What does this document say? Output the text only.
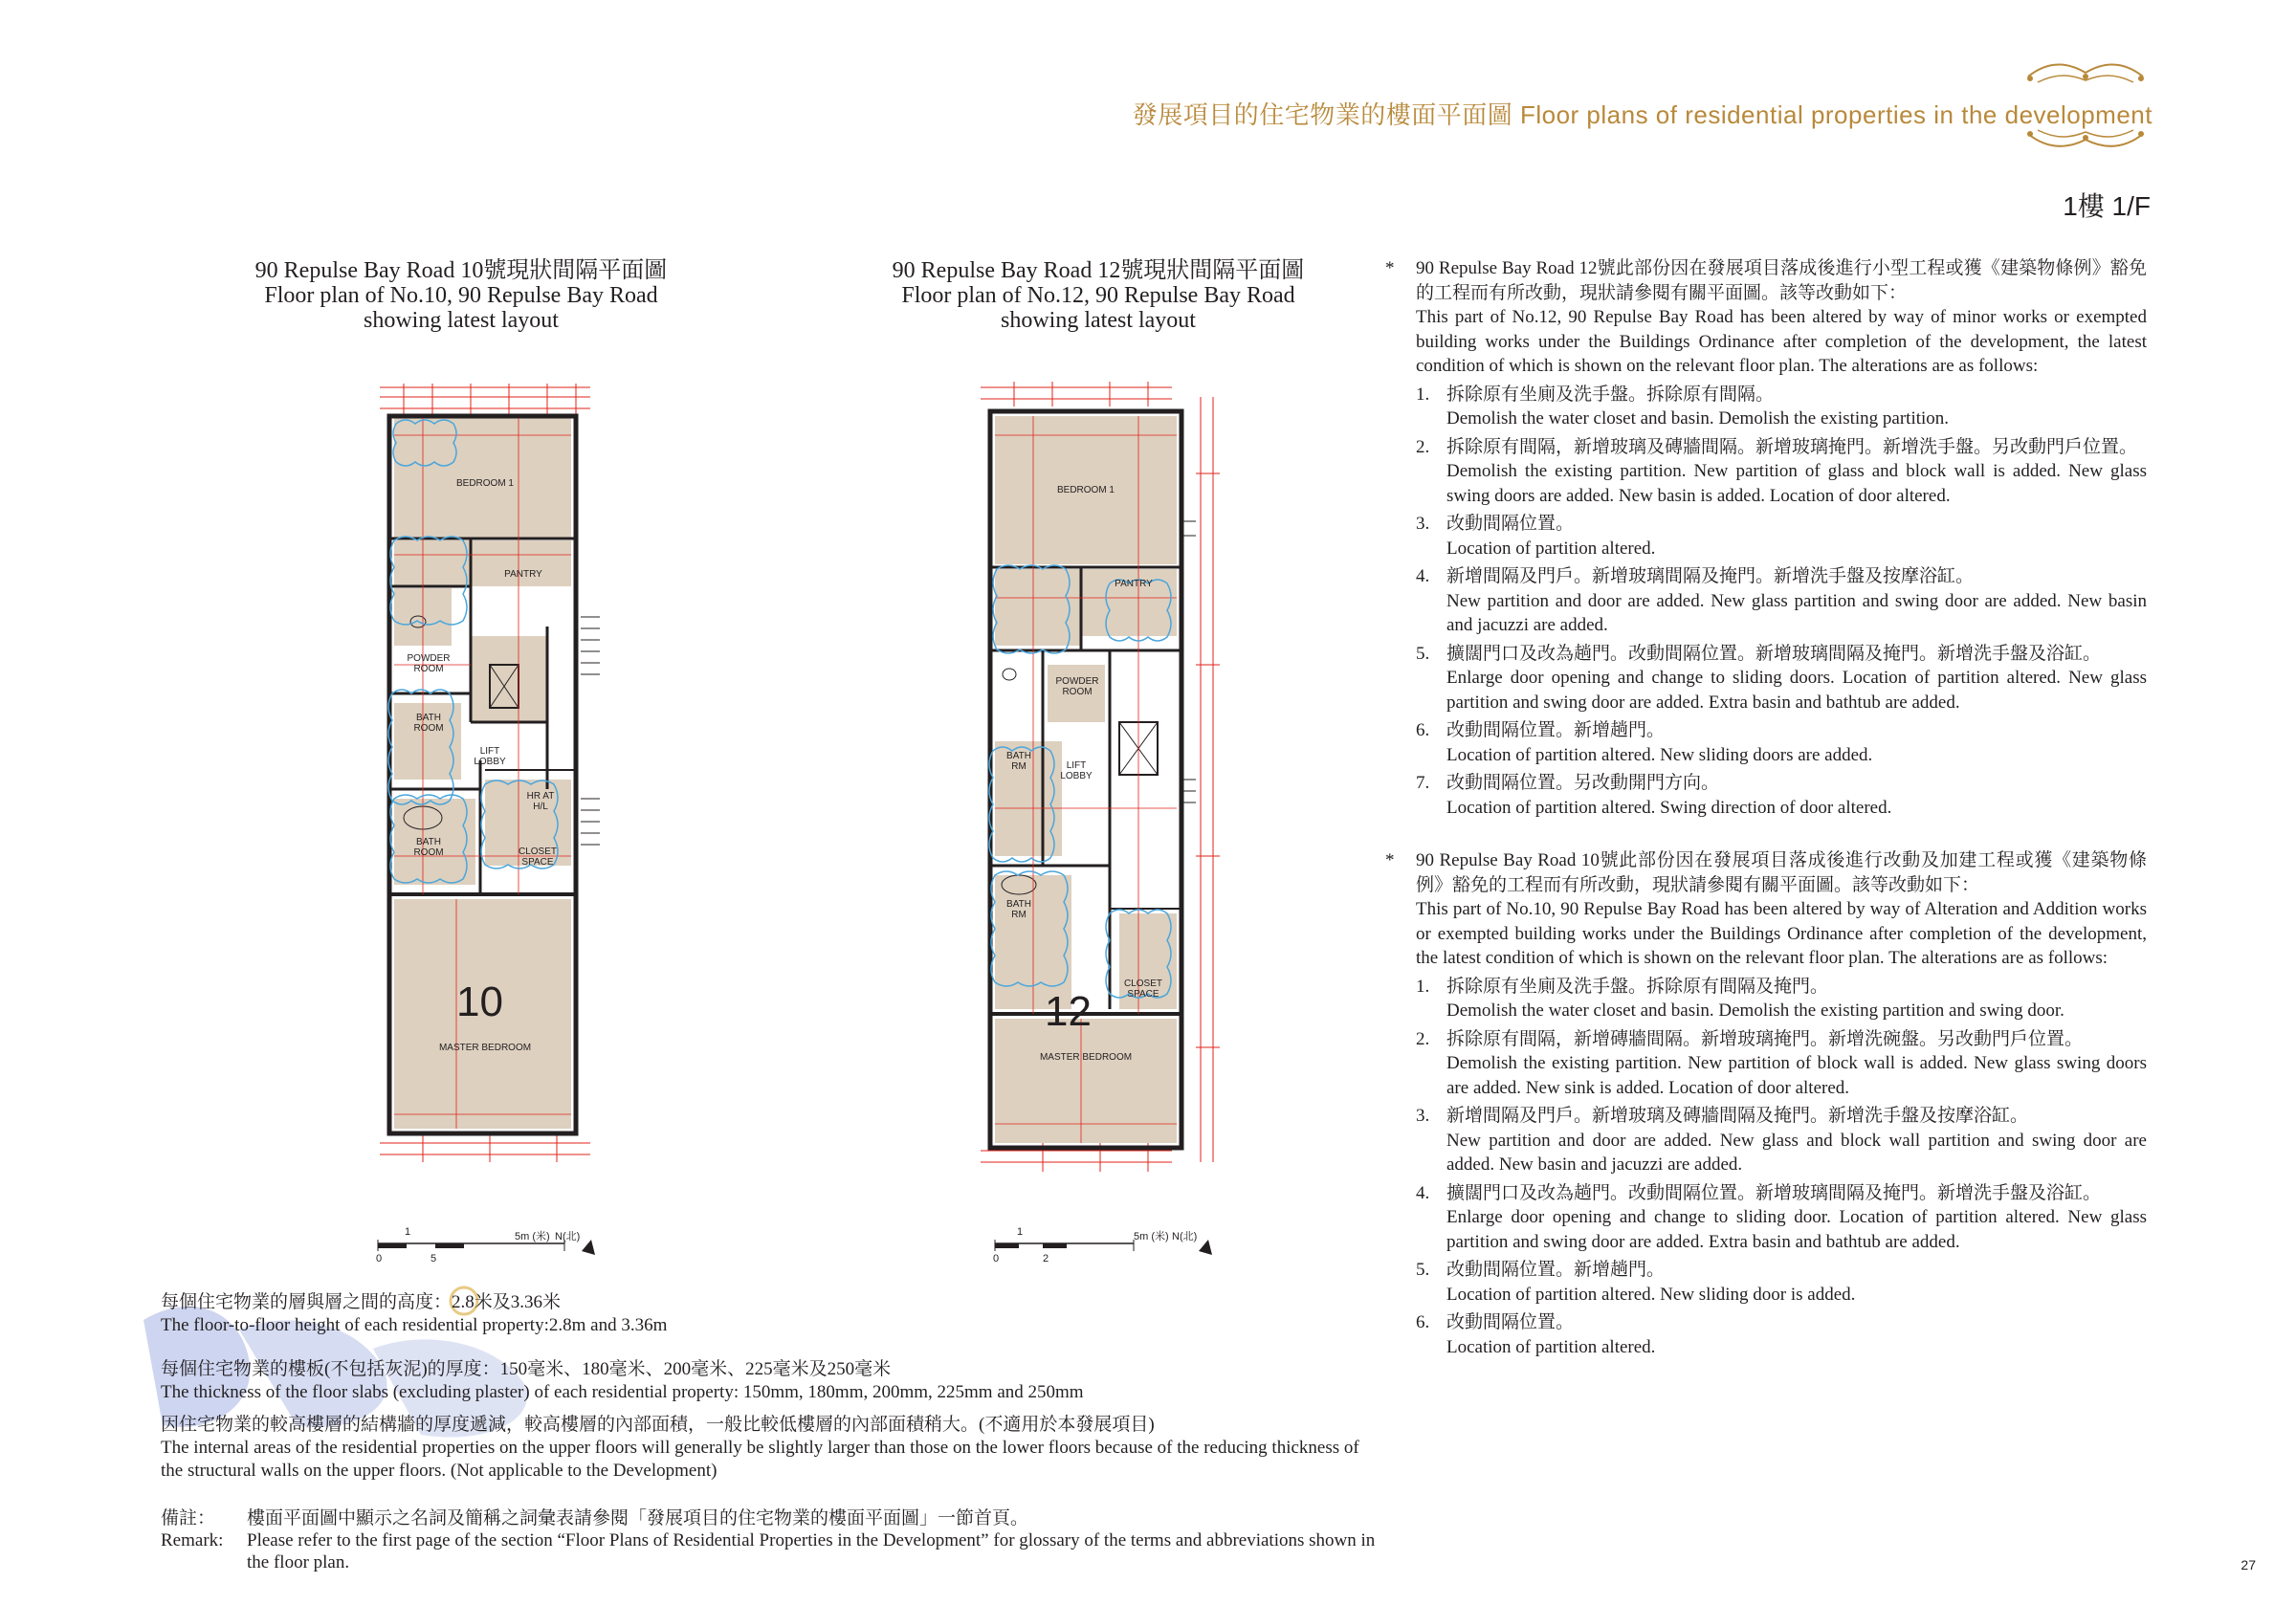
發展項目的住宅物業的樓面平面圖 Floor plans of residential properties in the development
1樓 1/F
90 Repulse Bay Road 10號現狀間隔平面圖
Floor plan of No.10, 90 Repulse Bay Road
showing latest layout
90 Repulse Bay Road 12號現狀間隔平面圖
Floor plan of No.12, 90 Repulse Bay Road
showing latest layout
BEDROOM 1
PANTRY
POWDER
ROOM
BATH
ROOM
LIFT
LOBBY
HR AT
H/L
BATH
ROOM	CLOSET
SPACE
10
MASTER BEDROOM
BEDROOM 1
PANTRY
POWDER
ROOM
BATH
RM	LIFT
LOBBY
BATH
RM
CLOSET
SPACE
12
MASTER BEDROOM
0
1
5
5m (米) N(北)
0
1
2
5m (米) N(北)
每個住宅物業的層與層之間的高度：2.8米及3.36米
The floor-to-floor height of each residential property:2.8m and 3.36m
每個住宅物業的樓板(不包括灰泥)的厚度：150毫米、180毫米、200毫米、225毫米及250毫米
The thickness of the floor slabs (excluding plaster) of each residential property: 150mm, 180mm, 200mm, 225mm and 250mm
因住宅物業的較高樓層的結構牆的厚度遞減，較高樓層的內部面積，一般比較低樓層的內部面積稍大。(不適用於本發展項目)
The internal areas of the residential properties on the upper floors will generally be slightly larger than those on the lower floors because of the reducing thickness of the structural walls on the upper floors. (Not applicable to the Development)
備註：	樓面平面圖中顯示之名詞及簡稱之詞彙表請參閱「發展項目的住宅物業的樓面平面圖」一節首頁。
Remark:	Please refer to the first page of the section “Floor Plans of Residential Properties in the Development” for glossary of the terms and abbreviations shown in the floor plan.
* 90 Repulse Bay Road 12號此部份因在發展項目落成後進行小型工程或獲《建築物條例》豁免的工程而有所改動，現狀請參閱有關平面圖。該等改動如下：
This part of No.12, 90 Repulse Bay Road has been altered by way of minor works or exempted building works under the Buildings Ordinance after completion of the development, the latest condition of which is shown on the relevant floor plan. The alterations are as follows:
1. 拆除原有坐廁及洗手盤。拆除原有間隔。
Demolish the water closet and basin. Demolish the existing partition.
2. 拆除原有間隔，新增玻璃及磚牆間隔。新增玻璃掩門。新增洗手盤。另改動門戶位置。
Demolish the existing partition. New partition of glass and block wall is added. New glass swing doors are added. New basin is added. Location of door altered.
3. 改動間隔位置。
Location of partition altered.
4. 新增間隔及門戶。新增玻璃間隔及掩門。新增洗手盤及按摩浴缸。
New partition and door are added. New glass partition and swing door are added. New basin and jacuzzi are added.
5. 擴闊門口及改為趟門。改動間隔位置。新增玻璃間隔及掩門。新增洗手盤及浴缸。
Enlarge door opening and change to sliding doors. Location of partition altered. New glass partition and swing door are added. Extra basin and bathtub are added.
6. 改動間隔位置。新增趟門。
Location of partition altered. New sliding doors are added.
7. 改動間隔位置。另改動開門方向。
Location of partition altered. Swing direction of door altered.
* 90 Repulse Bay Road 10號此部份因在發展項目落成後進行改動及加建工程或獲《建築物條例》豁免的工程而有所改動，現狀請參閱有關平面圖。該等改動如下：
This part of No.10, 90 Repulse Bay Road has been altered by way of Alteration and Addition works or exempted building works under the Buildings Ordinance after completion of the development, the latest condition of which is shown on the relevant floor plan. The alterations are as follows:
1. 拆除原有坐廁及洗手盤。拆除原有間隔及掩門。
Demolish the water closet and basin. Demolish the existing partition and swing door.
2. 拆除原有間隔，新增磚牆間隔。新增玻璃掩門。新增洗碗盤。另改動門戶位置。
Demolish the existing partition. New partition of block wall is added. New glass swing doors are added. New sink is added. Location of door altered.
3. 新增間隔及門戶。新增玻璃及磚牆間隔及掩門。新增洗手盤及按摩浴缸。
New partition and door are added. New glass and block wall partition and swing door are added. New basin and jacuzzi are added.
4. 擴闊門口及改為趟門。改動間隔位置。新增玻璃間隔及掩門。新增洗手盤及浴缸。
Enlarge door opening and change to sliding door. Location of partition altered. New glass partition and swing door are added. Extra basin and bathtub are added.
5. 改動間隔位置。新增趟門。
Location of partition altered. New sliding door is added.
6. 改動間隔位置。
Location of partition altered.
27
